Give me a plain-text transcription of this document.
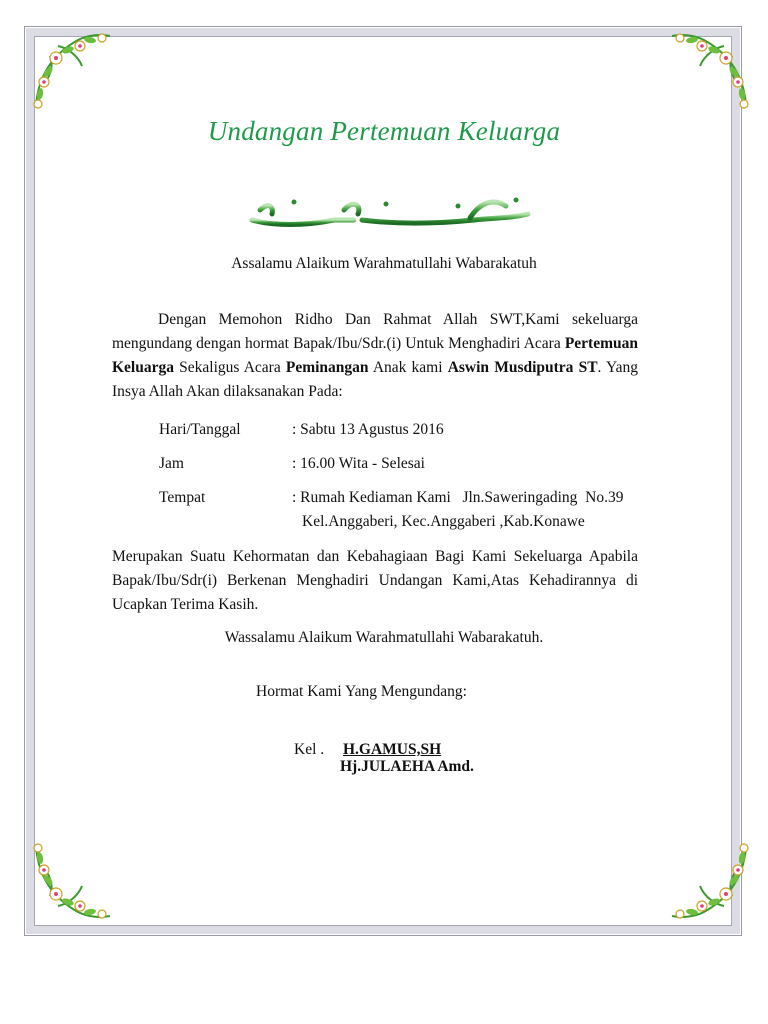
Undangan Pertemuan Keluarga
Assalamu Alaikum Warahmatullahi Wabarakatuh
Dengan Memohon Ridho Dan Rahmat Allah SWT,Kami sekeluarga mengundang dengan hormat Bapak/Ibu/Sdr.(i) Untuk Menghadiri Acara Pertemuan Keluarga Sekaligus Acara Peminangan Anak kami Aswin Musdiputra ST. Yang Insya Allah Akan dilaksanakan Pada:
Hari/Tanggal	: Sabtu 13 Agustus 2016
Jam	: 16.00 Wita - Selesai
Tempat	: Rumah Kediaman Kami   Jln.Saweringading  No.39
Kel.Anggaberi, Kec.Anggaberi ,Kab.Konawe
Merupakan Suatu Kehormatan dan Kebahagiaan Bagi Kami Sekeluarga Apabila Bapak/Ibu/Sdr(i) Berkenan Menghadiri Undangan Kami,Atas Kehadirannya di Ucapkan Terima Kasih.
Wassalamu Alaikum Warahmatullahi Wabarakatuh.
Hormat Kami Yang Mengundang:
Kel . H.GAMUS,SH
Hj.JULAEHA Amd.
